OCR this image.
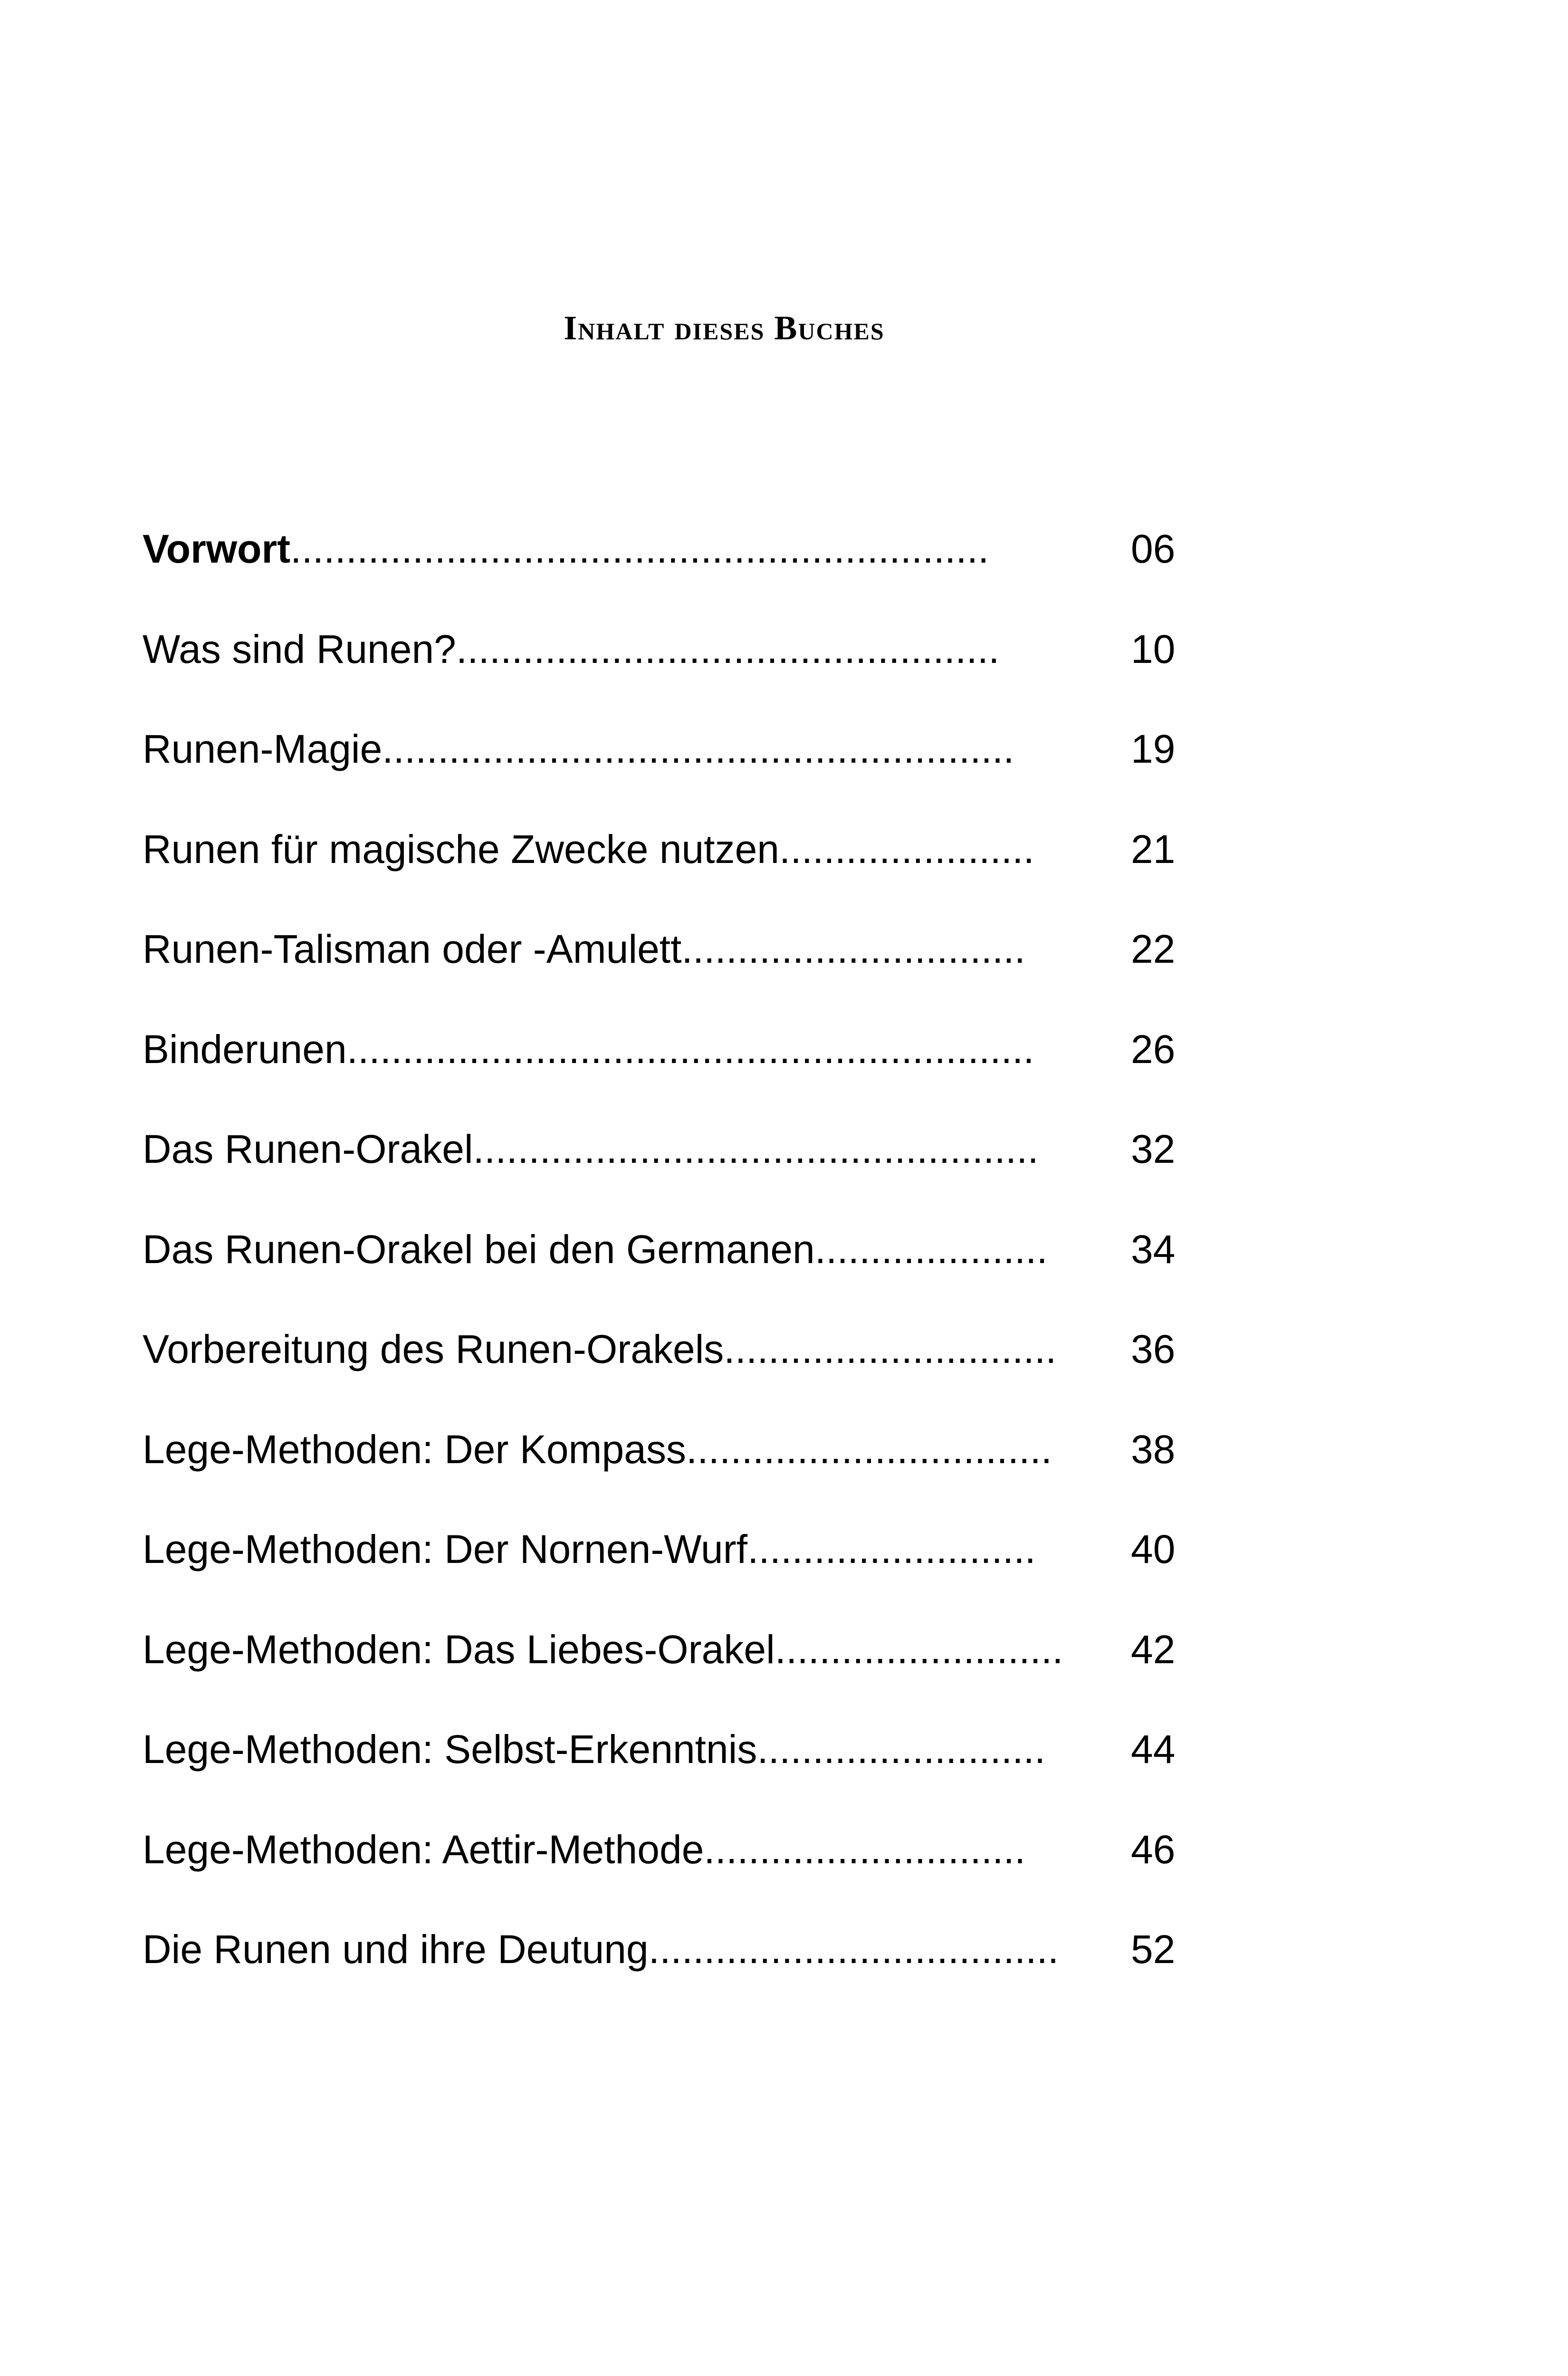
Inhalt dieses Buches
Vorwort...............................................................	06
Was sind Runen?.................................................	10
Runen-Magie.........................................................	19
Runen für magische Zwecke nutzen....................... 21
Runen-Talisman oder -Amulett...............................	22
Binderunen.............................................................. 26
Das Runen-Orakel................................................... 32
Das Runen-Orakel bei den Germanen..................... 34
Vorbereitung des Runen-Orakels.............................. 36
Lege-Methoden: Der Kompass................................. 38
Lege-Methoden: Der Nornen-Wurf.......................... 40
Lege-Methoden: Das Liebes-Orakel.......................... 42
Lege-Methoden: Selbst-Erkenntnis.......................... 44
Lege-Methoden: Aettir-Methode.............................	46
Die Runen und ihre Deutung..................................... 52
